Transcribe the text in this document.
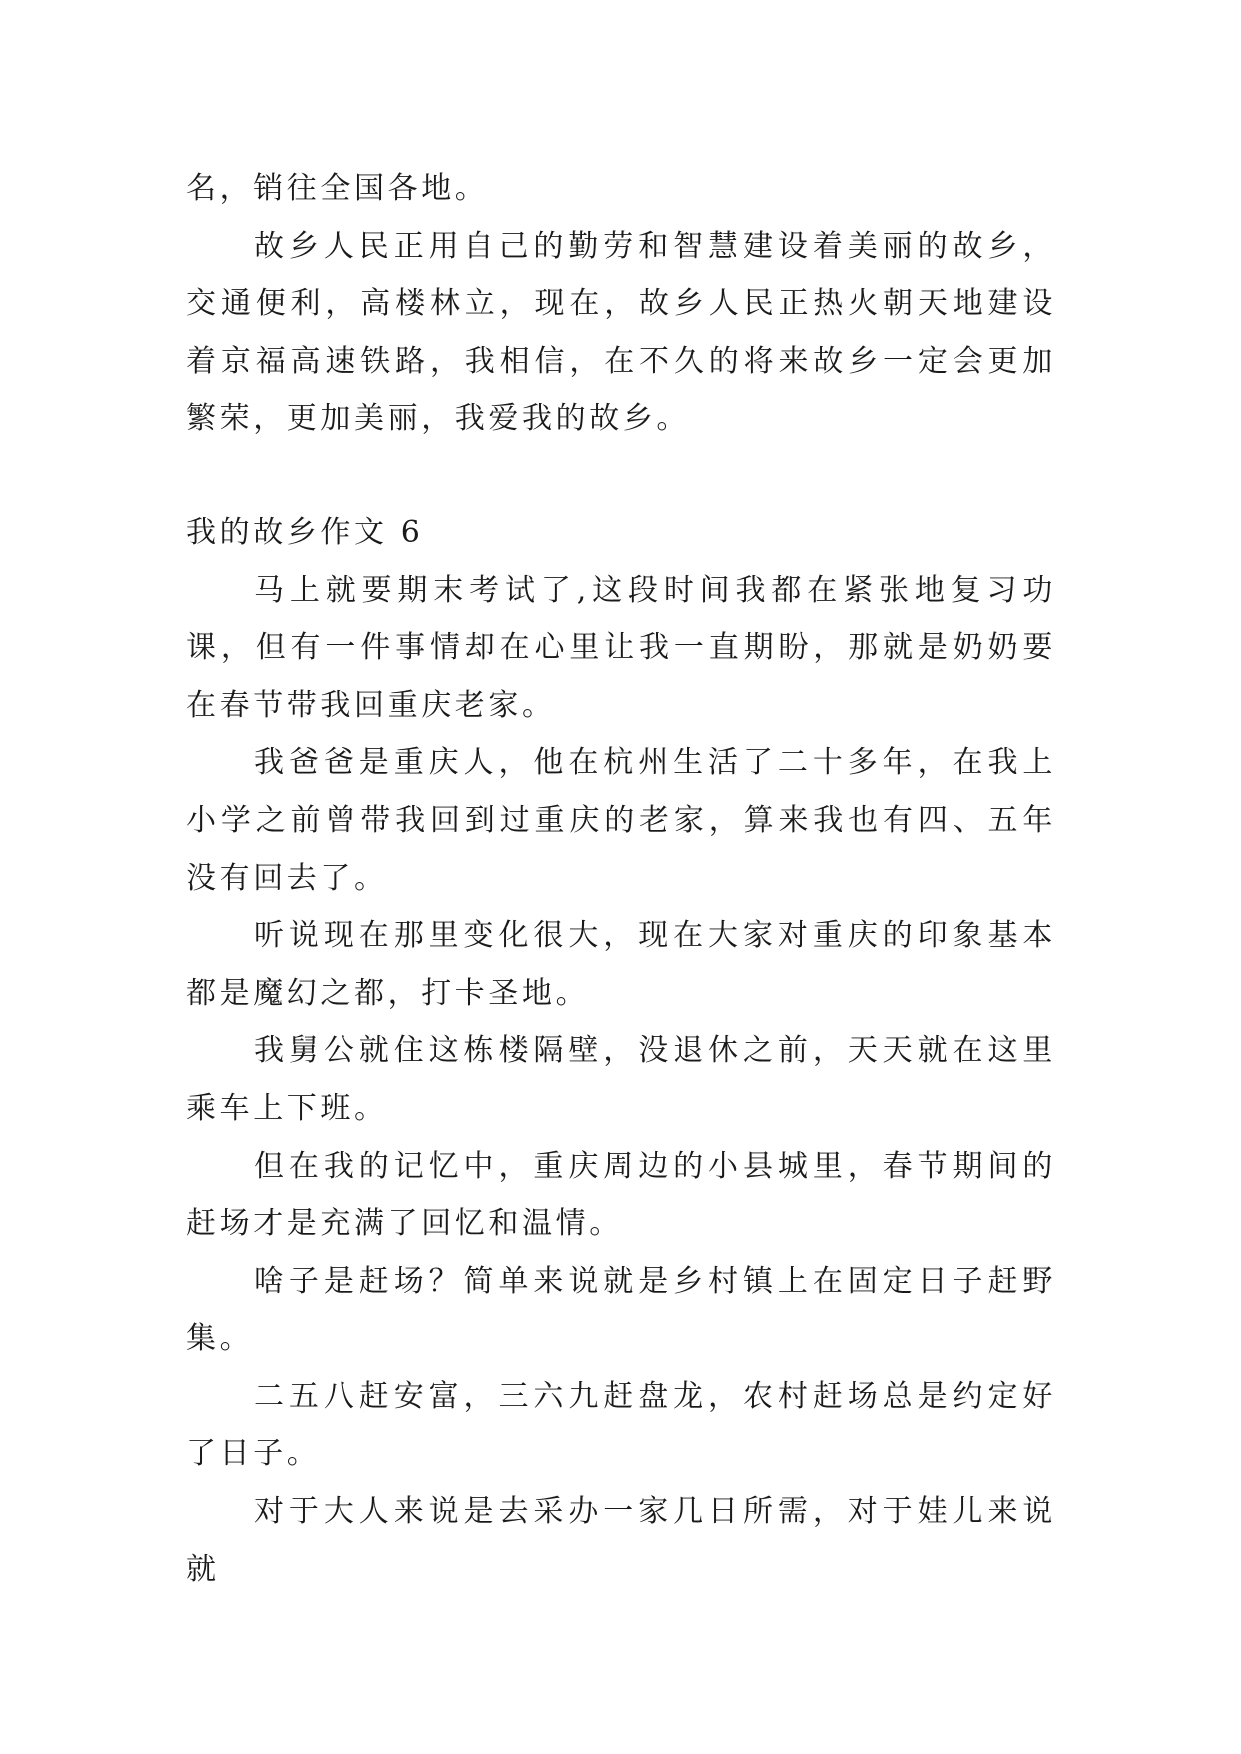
名，销往全国各地。

故乡人民正用自己的勤劳和智慧建设着美丽的故乡，交通便利，高楼林立，现在，故乡人民正热火朝天地建设着京福高速铁路，我相信，在不久的将来故乡一定会更加繁荣，更加美丽，我爱我的故乡。

我的故乡作文 6

马上就要期末考试了,这段时间我都在紧张地复习功课，但有一件事情却在心里让我一直期盼，那就是奶奶要在春节带我回重庆老家。

我爸爸是重庆人，他在杭州生活了二十多年，在我上小学之前曾带我回到过重庆的老家，算来我也有四、五年没有回去了。

听说现在那里变化很大，现在大家对重庆的印象基本都是魔幻之都，打卡圣地。

我舅公就住这栋楼隔壁，没退休之前，天天就在这里乘车上下班。

但在我的记忆中，重庆周边的小县城里，春节期间的赶场才是充满了回忆和温情。

啥子是赶场？简单来说就是乡村镇上在固定日子赶野集。

二五八赶安富，三六九赶盘龙，农村赶场总是约定好了日子。

对于大人来说是去采办一家几日所需，对于娃儿来说就
